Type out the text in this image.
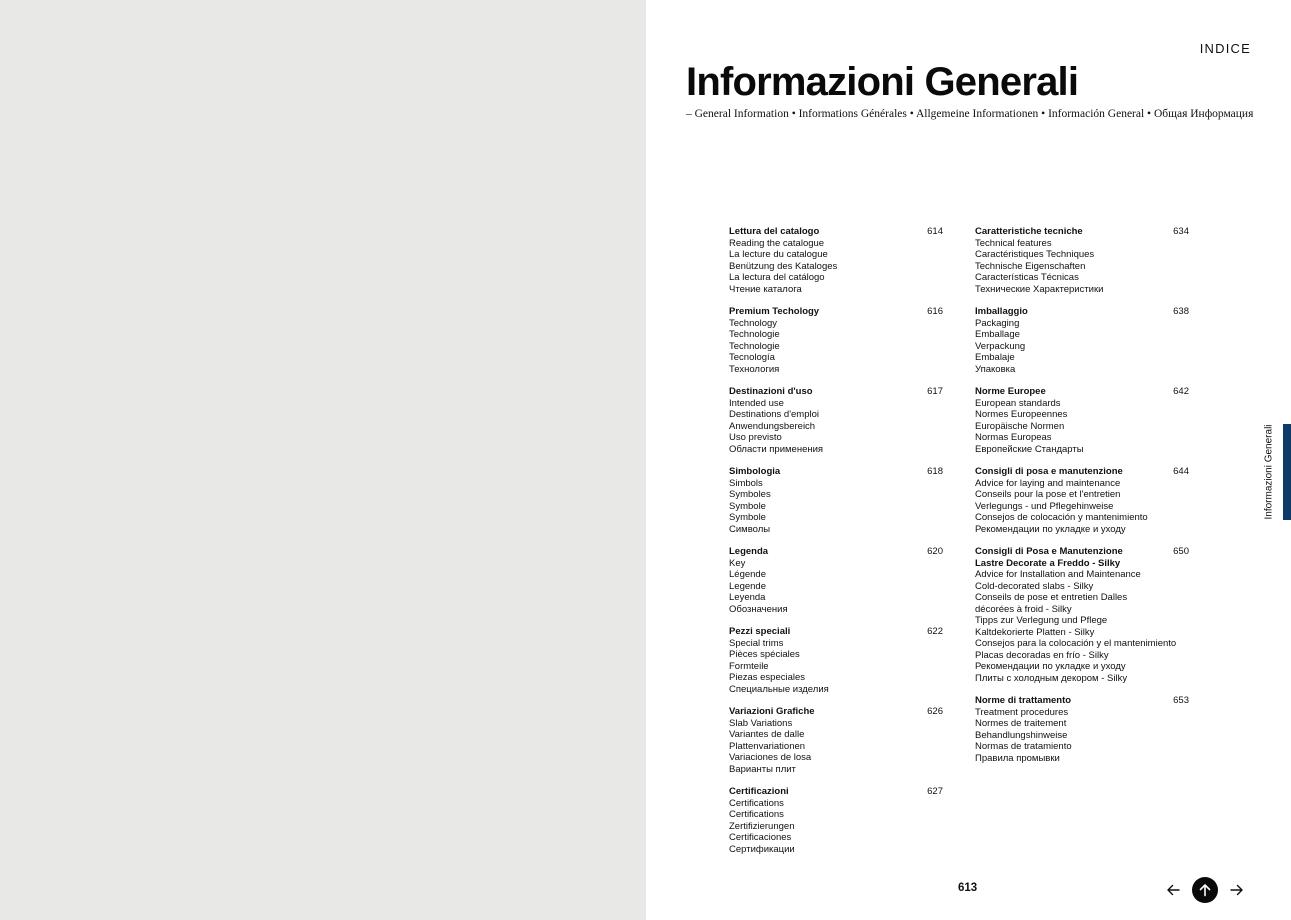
INDICE
Informazioni Generali

– General Information • Informations Générales • Allgemeine Informationen • Información General • Общая Информация

Lettura del catalogo
Reading the catalogue
La lecture du catalogue
Benützung des Kataloges
La lectura del catálogo
Чтение каталога
614
Premium Techology
Technology
Technologie
Technologie
Tecnología
Технология
616
Destinazioni d'uso
Intended use
Destinations d'emploi
Anwendungsbereich
Uso previsto
Области применения
617
Simbologia
Simbols
Symboles
Symbole
Symbole
Символы
618
Legenda
Key
Légende
Legende
Leyenda
Обозначения
620
Pezzi speciali
Special trims
Pièces spéciales
Formteile
Piezas especiales
Специальные изделия
622
Variazioni Grafiche
Slab Variations
Variantes de dalle
Plattenvariationen
Variaciones de losa
Варианты плит
626
Certificazioni
Certifications
Certifications
Zertifizierungen
Certificaciones
Сертификации
627
Caratteristiche tecniche
Technical features
Caractéristiques Techniques
Technische Eigenschaften
Características Técnicas
Технические Характеристики
634
Imballaggio
Packaging
Emballage
Verpackung
Embalaje
Упаковка
638
Norme Europee
European standards
Normes Europeennes
Europäische Normen
Normas Europeas
Европейские Стандарты
642
Consigli di posa e manutenzione
Advice for laying and maintenance
Conseils pour la pose et l'entretien
Verlegungs - und Pflegehinweise
Consejos de colocación y mantenimiento
Рекомендации по укладке и уходу
644
Consigli di Posa e Manutenzione
Lastre Decorate a Freddo - Silky
Advice for Installation and Maintenance
Cold-decorated slabs - Silky
Conseils de pose et entretien Dalles
décorées à froid - Silky
Tipps zur Verlegung und Pflege
Kaltdekorierte Platten - Silky
Consejos para la colocación y el mantenimiento
Placas decoradas en frío - Silky
Рекомендации по укладке и уходу
Плиты с холодным декором - Silky
650
Norme di trattamento
Treatment procedures
Normes de traitement
Behandlungshinweise
Normas de tratamiento
Правила промывки
653
613
Informazioni Generali
